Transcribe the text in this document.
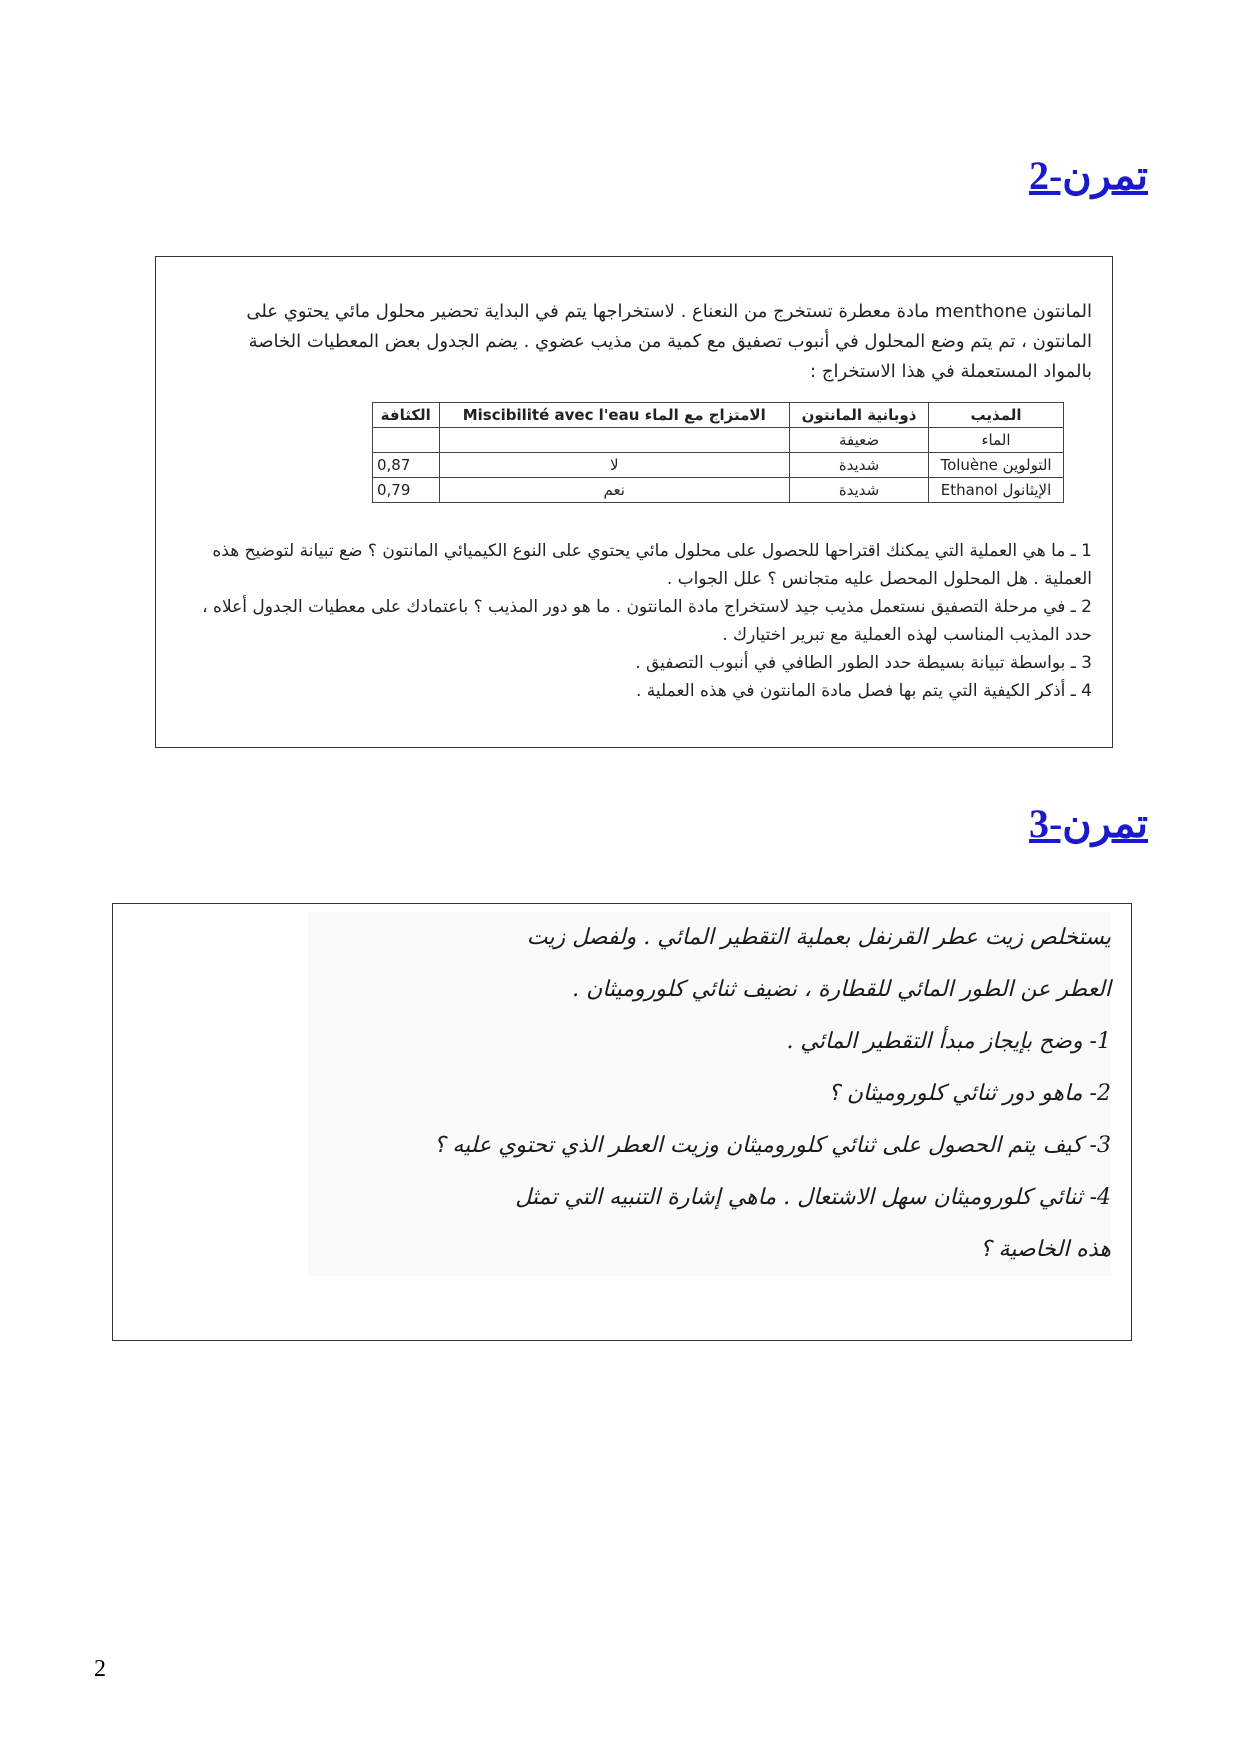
تمرن-2
المانتون menthone مادة معطرة تستخرج من النعناع . لاستخراجها يتم في البداية تحضير محلول مائي يحتوي على المانتون ، تم يتم وضع المحلول في أنبوب تصفيق مع كمية من مذيب عضوي . يضم الجدول بعض المعطيات الخاصة بالمواد المستعملة في هذا الاستخراج :
المذيب	ذوبانية المانتون	الامتزاج مع الماء Miscibilité avec l'eau	الكثافة
الماء	ضعيفة		
التولوين Toluène	شديدة	لا	0,87
الإيثانول Ethanol	شديدة	نعم	0,79

1 ـ ما هي العملية التي يمكنك اقتراحها للحصول على محلول مائي يحتوي على النوع الكيميائي المانتون ؟ ضع تبيانة لتوضيح هذه العملية . هل المحلول المحصل عليه متجانس ؟ علل الجواب .

2 ـ في مرحلة التصفيق نستعمل مذيب جيد لاستخراج مادة المانتون . ما هو دور المذيب ؟ باعتمادك على معطيات الجدول أعلاه ، حدد المذيب المناسب لهذه العملية مع تبرير اختيارك .

3 ـ بواسطة تبيانة بسيطة حدد الطور الطافي في أنبوب التصفيق .

4 ـ أذكر الكيفية التي يتم بها فصل مادة المانتون في هذه العملية .

تمرن-3

يستخلص زيت عطر القرنفل بعملية التقطير المائي . ولفصل زيت

العطر عن الطور المائي للقطارة ، نضيف ثنائي كلوروميثان .

1- وضح بإيجاز مبدأ التقطير المائي .

2- ماهو دور ثنائي كلوروميثان ؟

3- كيف يتم الحصول على ثنائي كلوروميثان وزيت العطر الذي تحتوي عليه ؟

4- ثنائي كلوروميثان سهل الاشتعال . ماهي إشارة التنبيه التي تمثل

هذه الخاصية ؟

2
